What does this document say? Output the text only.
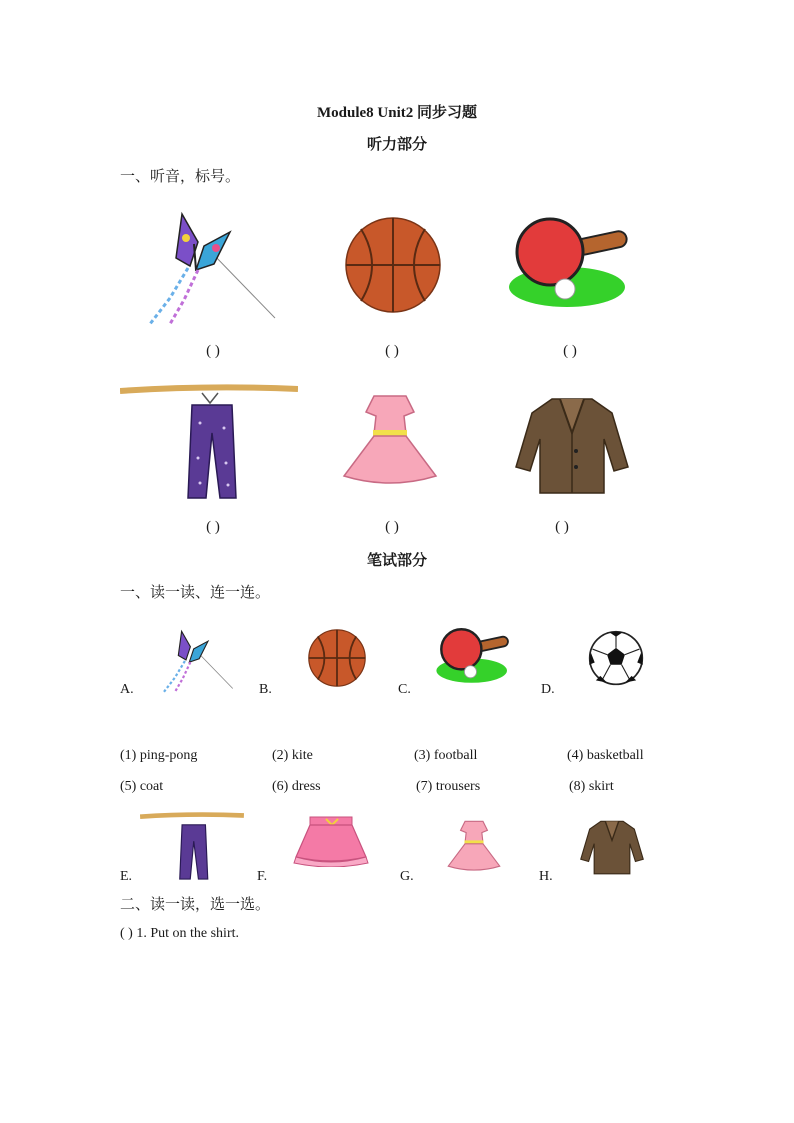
Module8 Unit2 同步习题
听力部分
一、听音，标号。
( )	( )	( )
( )	( )	( )
笔试部分
一、读一读、连一连。
A.	B.	C.	D.
(1) ping-pong	(2) kite	(3) football	(4) basketball
(5) coat	(6) dress	(7) trousers	(8) skirt
E.	F.	G.	H.
二、读一读，选一选。
( ) 1. Put on the shirt.
